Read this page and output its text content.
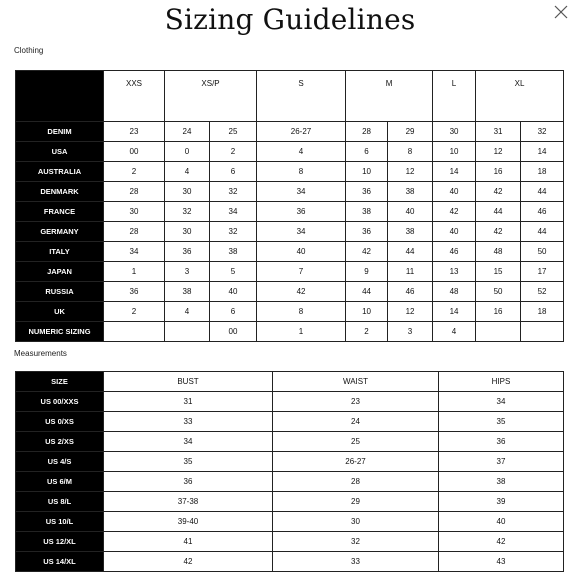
Sizing Guidelines
Clothing
	XXS	XS/P		S	M		L	XL	
DENIM	23	24	25	26-27	28	29	30	31	32
USA	00	0	2	4	6	8	10	12	14
AUSTRALIA	2	4	6	8	10	12	14	16	18
DENMARK	28	30	32	34	36	38	40	42	44
FRANCE	30	32	34	36	38	40	42	44	46
GERMANY	28	30	32	34	36	38	40	42	44
ITALY	34	36	38	40	42	44	46	48	50
JAPAN	1	3	5	7	9	11	13	15	17
RUSSIA	36	38	40	42	44	46	48	50	52
UK	2	4	6	8	10	12	14	16	18
NUMERIC SIZING			00	1	2	3	4		
Measurements
SIZE	BUST	WAIST	HIPS
US 00/XXS	31	23	34
US 0/XS	33	24	35
US 2/XS	34	25	36
US 4/S	35	26-27	37
US 6/M	36	28	38
US 8/L	37-38	29	39
US 10/L	39-40	30	40
US 12/XL	41	32	42
US 14/XL	42	33	43
